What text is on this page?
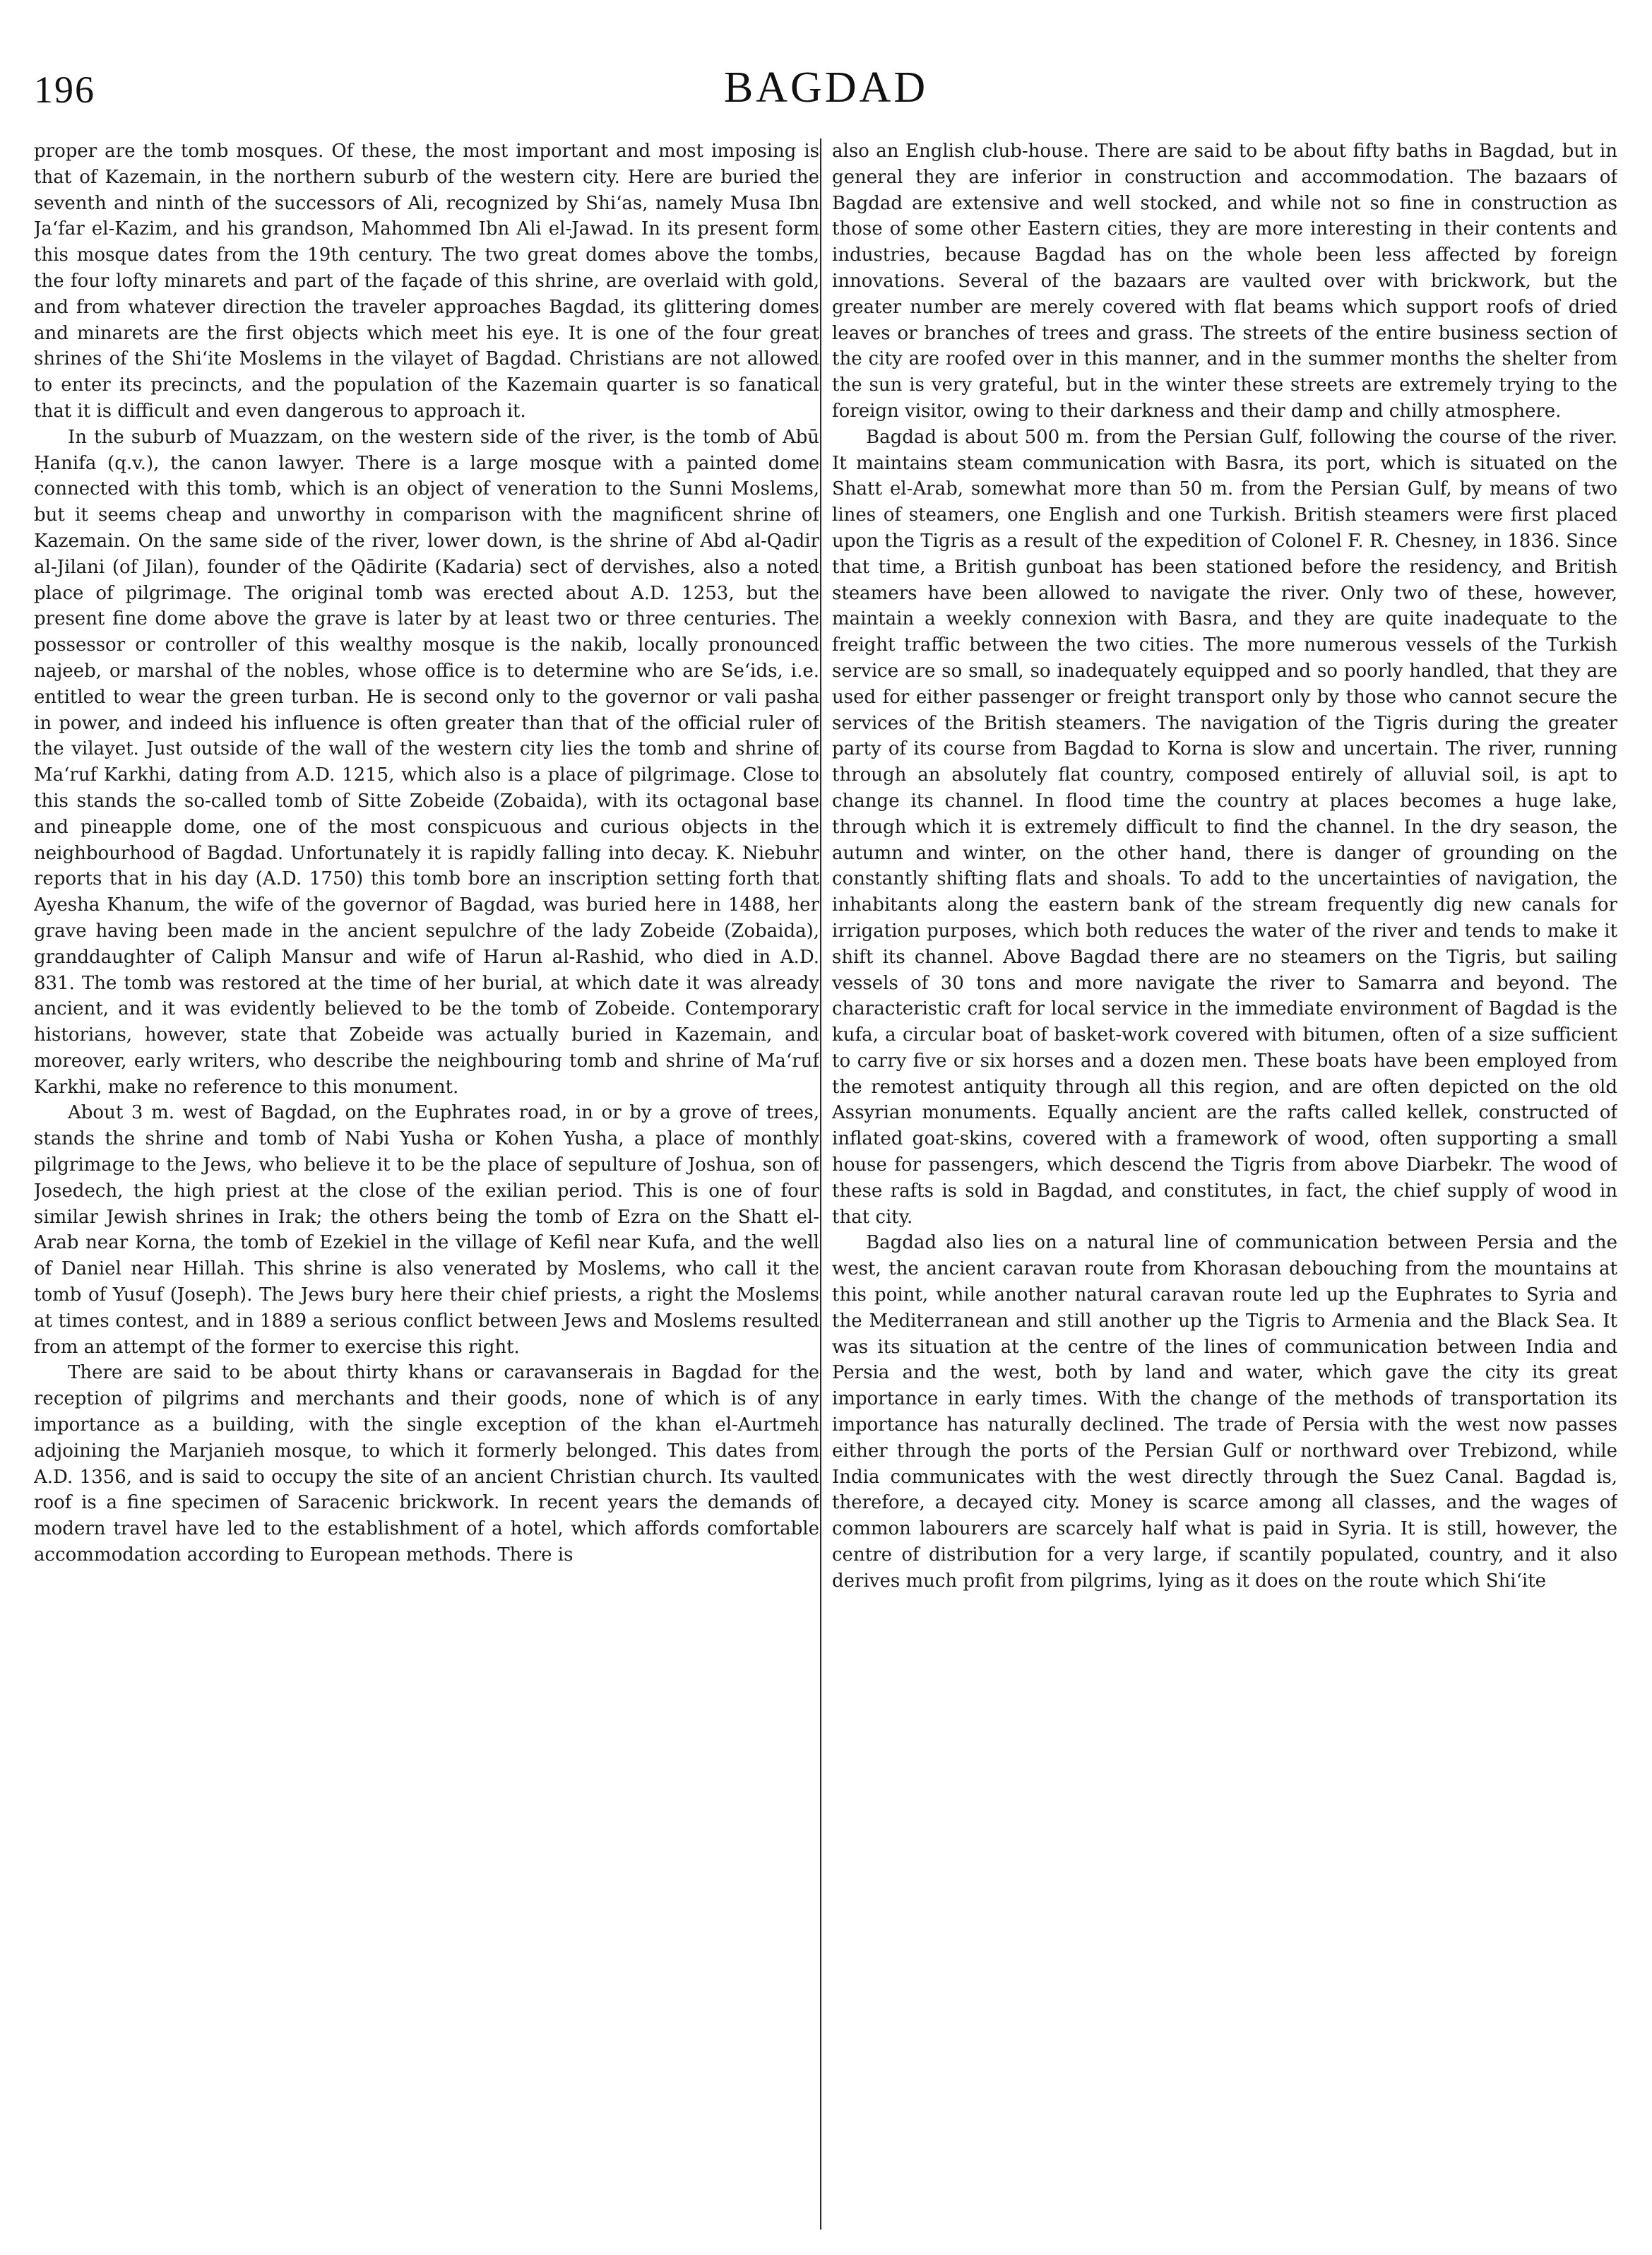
196	BAGDAD

proper are the tomb mosques. Of these, the most important and most imposing is that of Kazemain, in the northern suburb of the western city. Here are buried the seventh and ninth of the successors of Ali, recognized by Shi‘as, namely Musa Ibn Ja‘far el-Kazim, and his grandson, Mahommed Ibn Ali el-Jawad. In its present form this mosque dates from the 19th century. The two great domes above the tombs, the four lofty minarets and part of the façade of this shrine, are overlaid with gold, and from whatever direction the traveler approaches Bagdad, its glittering domes and minarets are the first objects which meet his eye. It is one of the four great shrines of the Shi‘ite Moslems in the vilayet of Bagdad. Christians are not allowed to enter its precincts, and the population of the Kazemain quarter is so fanatical that it is difficult and even dangerous to approach it.

In the suburb of Muazzam, on the western side of the river, is the tomb of Abū Ḥanifa (q.v.), the canon lawyer. There is a large mosque with a painted dome connected with this tomb, which is an object of veneration to the Sunni Moslems, but it seems cheap and unworthy in comparison with the magnificent shrine of Kazemain. On the same side of the river, lower down, is the shrine of Abd al-Qadir al-Jilani (of Jilan), founder of the Qādirite (Kadaria) sect of dervishes, also a noted place of pilgrimage. The original tomb was erected about A.D. 1253, but the present fine dome above the grave is later by at least two or three centuries. The possessor or controller of this wealthy mosque is the nakib, locally pronounced najeeb, or marshal of the nobles, whose office is to determine who are Se‘ids, i.e. entitled to wear the green turban. He is second only to the governor or vali pasha in power, and indeed his influence is often greater than that of the official ruler of the vilayet. Just outside of the wall of the western city lies the tomb and shrine of Ma‘ruf Karkhi, dating from A.D. 1215, which also is a place of pilgrimage. Close to this stands the so-called tomb of Sitte Zobeide (Zobaida), with its octagonal base and pineapple dome, one of the most conspicuous and curious objects in the neighbourhood of Bagdad. Unfortunately it is rapidly falling into decay. K. Niebuhr reports that in his day (A.D. 1750) this tomb bore an inscription setting forth that Ayesha Khanum, the wife of the governor of Bagdad, was buried here in 1488, her grave having been made in the ancient sepulchre of the lady Zobeide (Zobaida), granddaughter of Caliph Mansur and wife of Harun al-Rashid, who died in A.D. 831. The tomb was restored at the time of her burial, at which date it was already ancient, and it was evidently believed to be the tomb of Zobeide. Contemporary historians, however, state that Zobeide was actually buried in Kazemain, and moreover, early writers, who describe the neighbouring tomb and shrine of Ma‘ruf Karkhi, make no reference to this monument.

About 3 m. west of Bagdad, on the Euphrates road, in or by a grove of trees, stands the shrine and tomb of Nabi Yusha or Kohen Yusha, a place of monthly pilgrimage to the Jews, who believe it to be the place of sepulture of Joshua, son of Josedech, the high priest at the close of the exilian period. This is one of four similar Jewish shrines in Irak; the others being the tomb of Ezra on the Shatt el-Arab near Korna, the tomb of Ezekiel in the village of Kefil near Kufa, and the well of Daniel near Hillah. This shrine is also venerated by Moslems, who call it the tomb of Yusuf (Joseph). The Jews bury here their chief priests, a right the Moslems at times contest, and in 1889 a serious conflict between Jews and Moslems resulted from an attempt of the former to exercise this right.

There are said to be about thirty khans or caravanserais in Bagdad for the reception of pilgrims and merchants and their goods, none of which is of any importance as a building, with the single exception of the khan el-Aurtmeh adjoining the Marjanieh mosque, to which it formerly belonged. This dates from A.D. 1356, and is said to occupy the site of an ancient Christian church. Its vaulted roof is a fine specimen of Saracenic brickwork. In recent years the demands of modern travel have led to the establishment of a hotel, which affords comfortable accommodation according to European methods. There is

also an English club-house. There are said to be about fifty baths in Bagdad, but in general they are inferior in construction and accommodation. The bazaars of Bagdad are extensive and well stocked, and while not so fine in construction as those of some other Eastern cities, they are more interesting in their contents and industries, because Bagdad has on the whole been less affected by foreign innovations. Several of the bazaars are vaulted over with brickwork, but the greater number are merely covered with flat beams which support roofs of dried leaves or branches of trees and grass. The streets of the entire business section of the city are roofed over in this manner, and in the summer months the shelter from the sun is very grateful, but in the winter these streets are extremely trying to the foreign visitor, owing to their darkness and their damp and chilly atmosphere.

Bagdad is about 500 m. from the Persian Gulf, following the course of the river. It maintains steam communication with Basra, its port, which is situated on the Shatt el-Arab, somewhat more than 50 m. from the Persian Gulf, by means of two lines of steamers, one English and one Turkish. British steamers were first placed upon the Tigris as a result of the expedition of Colonel F. R. Chesney, in 1836. Since that time, a British gunboat has been stationed before the residency, and British steamers have been allowed to navigate the river. Only two of these, however, maintain a weekly connexion with Basra, and they are quite inadequate to the freight traffic between the two cities. The more numerous vessels of the Turkish service are so small, so inadequately equipped and so poorly handled, that they are used for either passenger or freight transport only by those who cannot secure the services of the British steamers. The navigation of the Tigris during the greater party of its course from Bagdad to Korna is slow and uncertain. The river, running through an absolutely flat country, composed entirely of alluvial soil, is apt to change its channel. In flood time the country at places becomes a huge lake, through which it is extremely difficult to find the channel. In the dry season, the autumn and winter, on the other hand, there is danger of grounding on the constantly shifting flats and shoals. To add to the uncertainties of navigation, the inhabitants along the eastern bank of the stream frequently dig new canals for irrigation purposes, which both reduces the water of the river and tends to make it shift its channel. Above Bagdad there are no steamers on the Tigris, but sailing vessels of 30 tons and more navigate the river to Samarra and beyond. The characteristic craft for local service in the immediate environment of Bagdad is the kufa, a circular boat of basket-work covered with bitumen, often of a size sufficient to carry five or six horses and a dozen men. These boats have been employed from the remotest antiquity through all this region, and are often depicted on the old Assyrian monuments. Equally ancient are the rafts called kellek, constructed of inflated goat-skins, covered with a framework of wood, often supporting a small house for passengers, which descend the Tigris from above Diarbekr. The wood of these rafts is sold in Bagdad, and constitutes, in fact, the chief supply of wood in that city.

Bagdad also lies on a natural line of communication between Persia and the west, the ancient caravan route from Khorasan debouching from the mountains at this point, while another natural caravan route led up the Euphrates to Syria and the Mediterranean and still another up the Tigris to Armenia and the Black Sea. It was its situation at the centre of the lines of communication between India and Persia and the west, both by land and water, which gave the city its great importance in early times. With the change of the methods of transportation its importance has naturally declined. The trade of Persia with the west now passes either through the ports of the Persian Gulf or northward over Trebizond, while India communicates with the west directly through the Suez Canal. Bagdad is, therefore, a decayed city. Money is scarce among all classes, and the wages of common labourers are scarcely half what is paid in Syria. It is still, however, the centre of distribution for a very large, if scantily populated, country, and it also derives much profit from pilgrims, lying as it does on the route which Shi‘ite
